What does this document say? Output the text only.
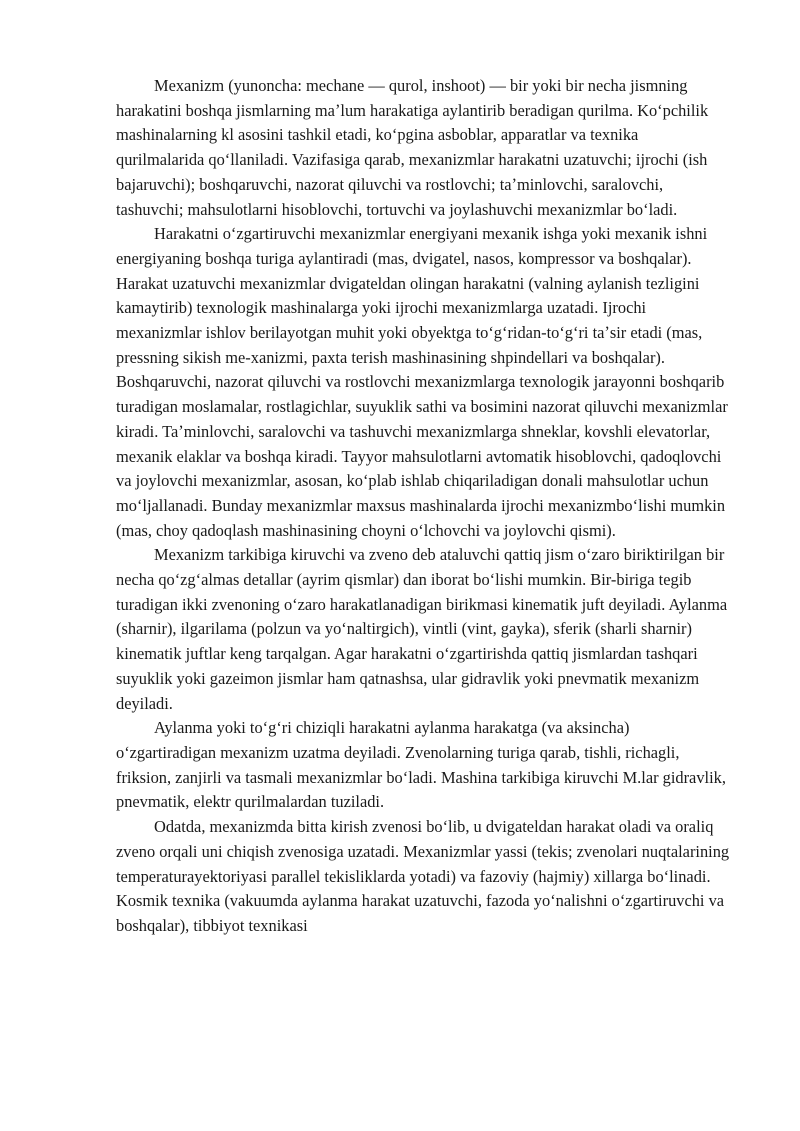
Mexanizm (yunoncha: mechane — qurol, inshoot) — bir yoki bir necha jismning harakatini boshqa jismlarning maʼlum harakatiga aylantirib beradigan qurilma. Koʻpchilik mashinalarning kl asosini tashkil etadi, koʻpgina asboblar, apparatlar va texnika qurilmalarida qoʻllaniladi. Vazifasiga qarab, mexanizmlar harakatni uzatuvchi; ijrochi (ish bajaruvchi); boshqaruvchi, nazorat qiluvchi va rostlovchi; taʼminlovchi, saralovchi, tashuvchi; mahsulotlarni hisoblovchi, tortuvchi va joylashuvchi mexanizmlar boʻladi.

Harakatni oʻzgartiruvchi mexanizmlar energiyani mexanik ishga yoki mexanik ishni energiyaning boshqa turiga aylantiradi (mas, dvigatel, nasos, kompressor va boshqalar). Harakat uzatuvchi mexanizmlar dvigateldan olingan harakatni (valning aylanish tezligini kamaytirib) texnologik mashinalarga yoki ijrochi mexanizmlarga uzatadi. Ijrochi mexanizmlar ishlov berilayotgan muhit yoki obyektga toʻgʻridan-toʻgʻri taʼsir etadi (mas, pressning sikish me-xanizmi, paxta terish mashinasining shpindellari va boshqalar). Boshqaruvchi, nazorat qiluvchi va rostlovchi mexanizmlarga texnologik jarayonni boshqarib turadigan moslamalar, rostlagichlar, suyuklik sathi va bosimini nazorat qiluvchi mexanizmlar kiradi. Taʼminlovchi, saralovchi va tashuvchi mexanizmlarga shneklar, kovshli elevatorlar, mexanik elaklar va boshqa kiradi. Tayyor mahsulotlarni avtomatik hisoblovchi, qadoqlovchi va joylovchi mexanizmlar, asosan, koʻplab ishlab chiqariladigan donali mahsulotlar uchun moʻljallanadi. Bunday mexanizmlar maxsus mashinalarda ijrochi mexanizmboʻlishi mumkin (mas, choy qadoqlash mashinasining choyni oʻlchovchi va joylovchi qismi).

Mexanizm tarkibiga kiruvchi va zveno deb ataluvchi qattiq jism oʻzaro biriktirilgan bir necha qoʻzgʻalmas detallar (ayrim qismlar) dan iborat boʻlishi mumkin. Bir-biriga tegib turadigan ikki zvenoning oʻzaro harakatlanadigan birikmasi kinematik juft deyiladi. Aylanma (sharnir), ilgarilama (polzun va yoʻnaltirgich), vintli (vint, gayka), sferik (sharli sharnir) kinematik juftlar keng tarqalgan. Agar harakatni oʻzgartirishda qattiq jismlardan tashqari suyuklik yoki gazeimon jismlar ham qatnashsa, ular gidravlik yoki pnevmatik mexanizm deyiladi.

Aylanma yoki toʻgʻri chiziqli harakatni aylanma harakatga (va aksincha) oʻzgartiradigan mexanizm uzatma deyiladi. Zvenolarning turiga qarab, tishli, richagli, friksion, zanjirli va tasmali mexanizmlar boʻladi. Mashina tarkibiga kiruvchi M.lar gidravlik, pnevmatik, elektr qurilmalardan tuziladi.

Odatda, mexanizmda bitta kirish zvenosi boʻlib, u dvigateldan harakat oladi va oraliq zveno orqali uni chiqish zvenosiga uzatadi. Mexanizmlar yassi (tekis; zvenolari nuqtalarining temperaturayektoriyasi parallel tekisliklarda yotadi) va fazoviy (hajmiy) xillarga boʻlinadi. Kosmik texnika (vakuumda aylanma harakat uzatuvchi, fazoda yoʻnalishni oʻzgartiruvchi va boshqalar), tibbiyot texnikasi
